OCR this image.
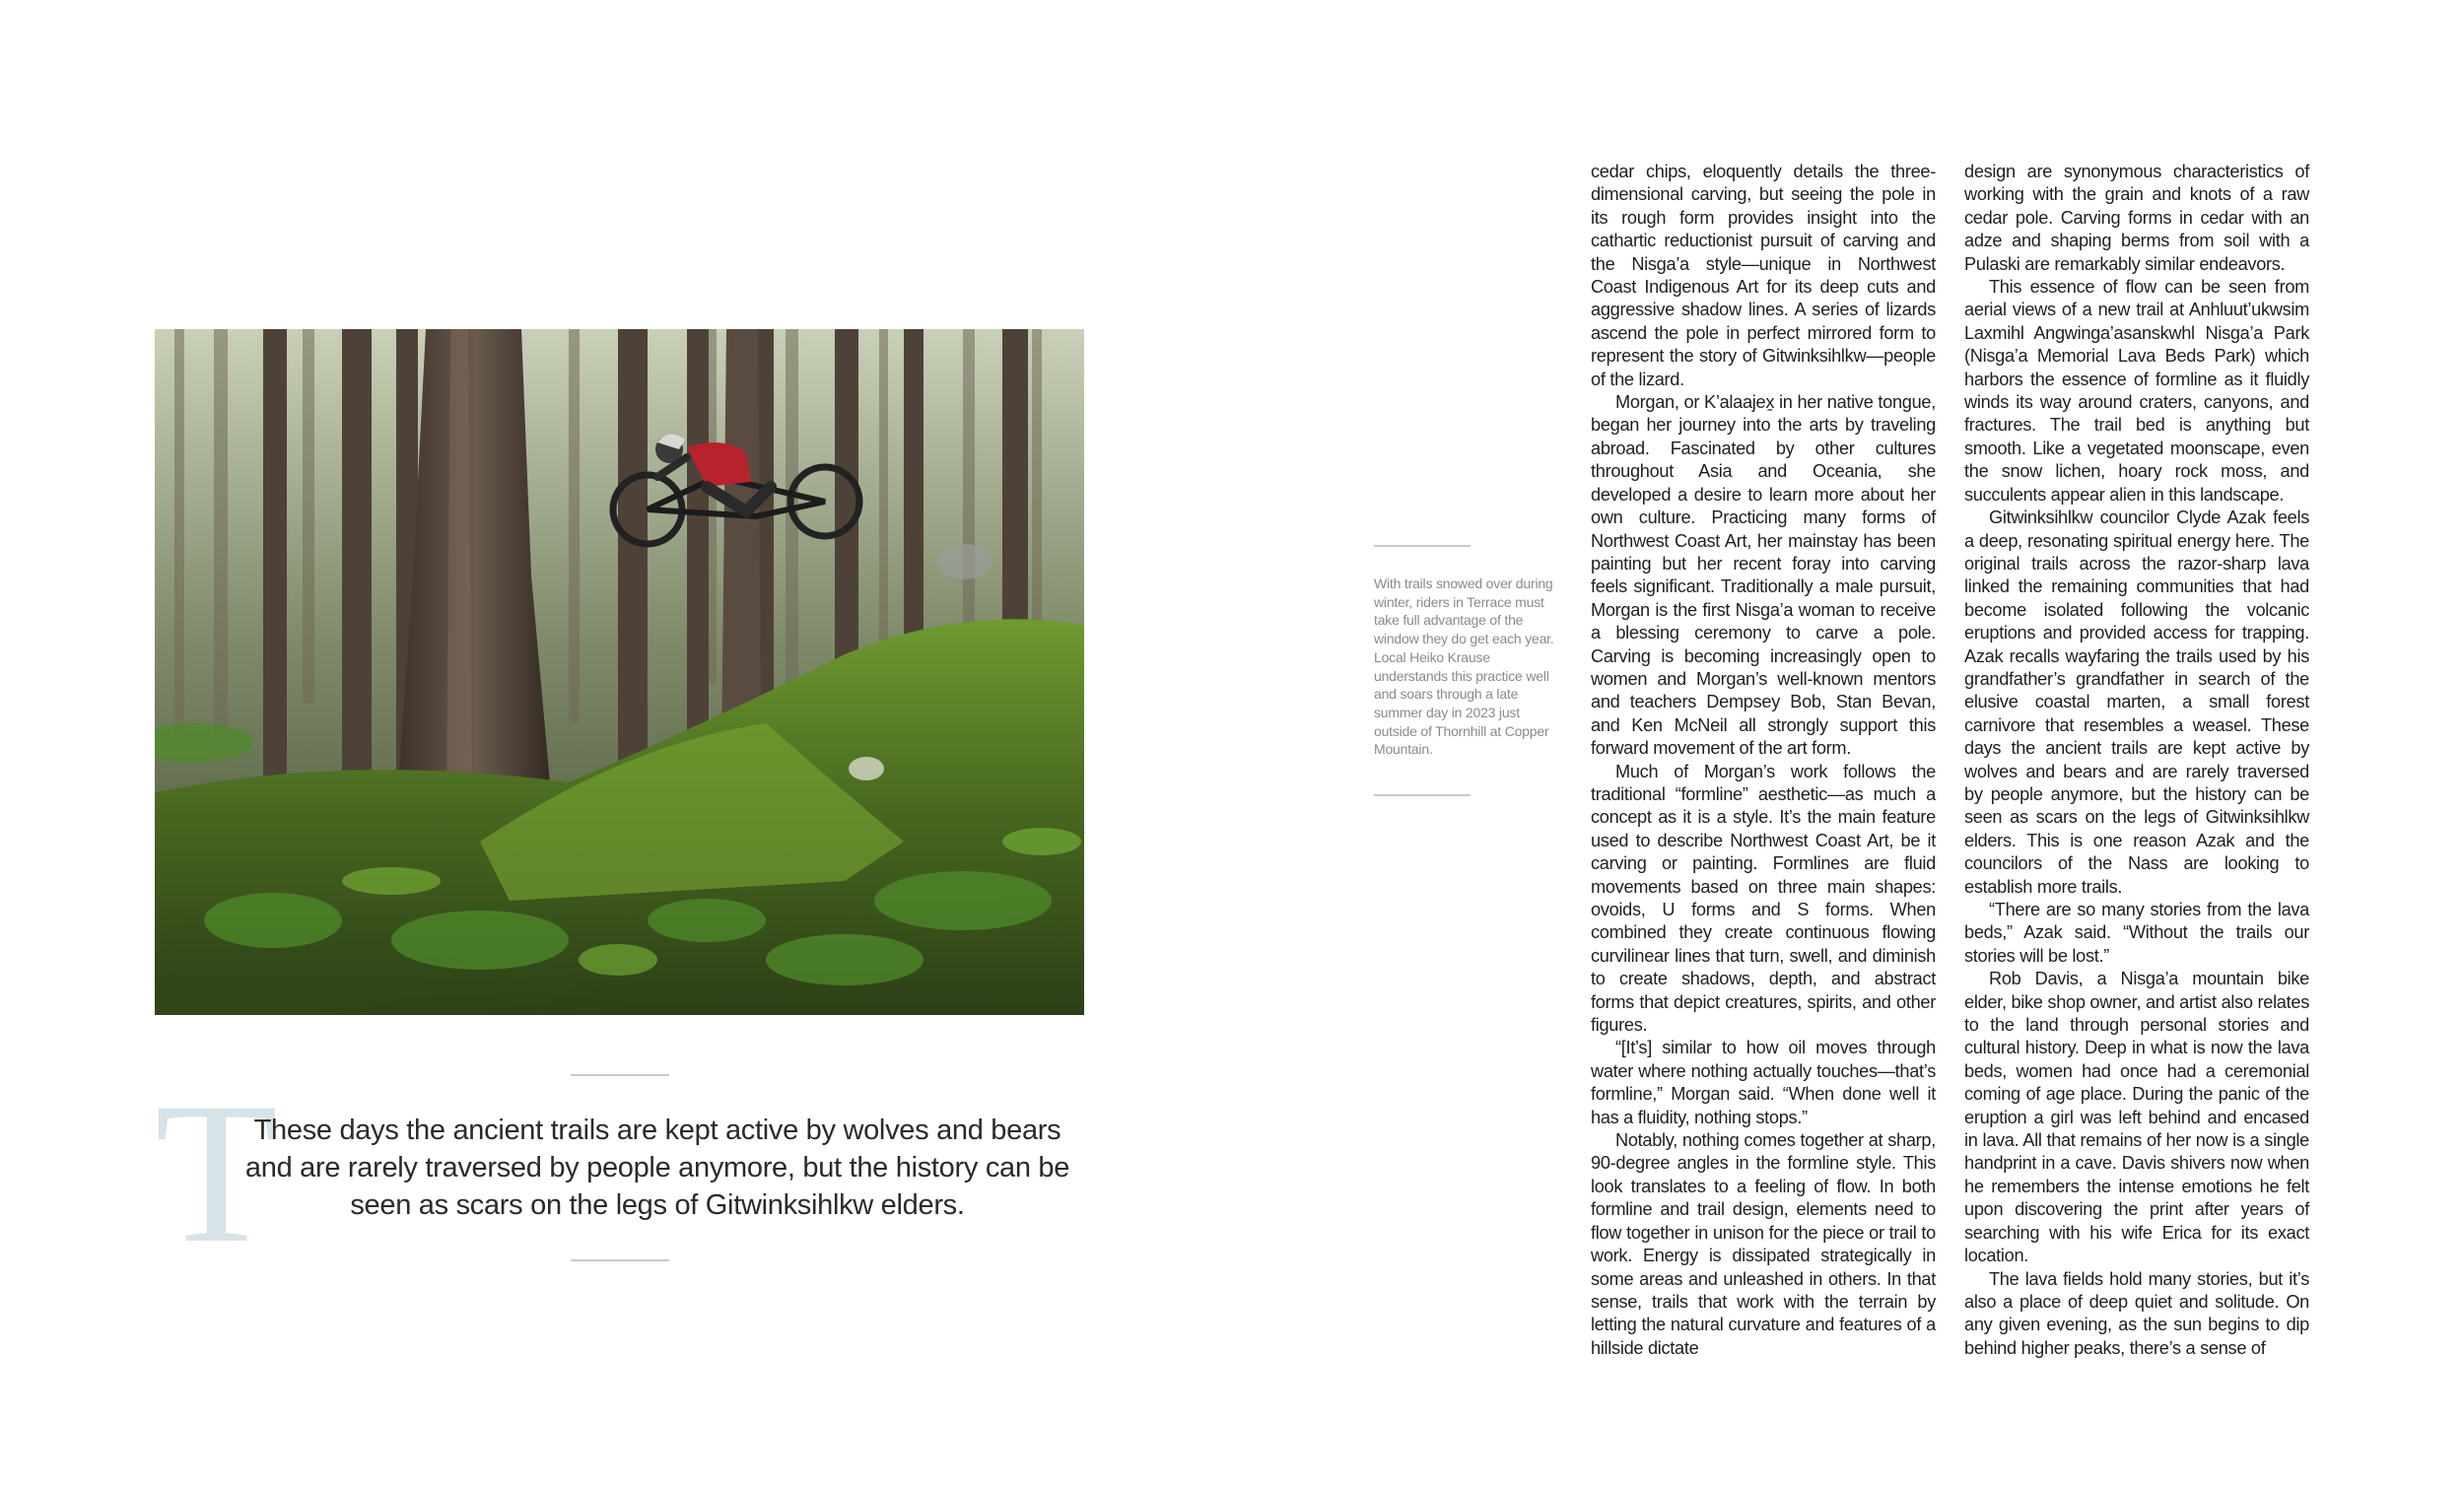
T

These days the ancient trails are kept active by wolves and bears and are rarely traversed by people anymore, but the history can be seen as scars on the legs of Gitwinksihlkw elders.

With trails snowed over during winter, riders in Terrace must take full advantage of the window they do get each year. Local Heiko Krause understands this practice well and soars through a late summer day in 2023 just outside of Thornhill at Copper Mountain.

cedar chips, eloquently details the three-dimensional carving, but seeing the pole in its rough form provides insight into the cathartic reductionist pursuit of carving and the Nisga’a style—unique in Northwest Coast Indigenous Art for its deep cuts and aggressive shadow lines. A series of lizards ascend the pole in perfect mirrored form to represent the story of Gitwinksihlkw—people of the lizard.

Morgan, or K’alaajex̱ in her native tongue, began her journey into the arts by traveling abroad. Fascinated by other cultures throughout Asia and Oceania, she developed a desire to learn more about her own culture. Practicing many forms of Northwest Coast Art, her mainstay has been painting but her recent foray into carving feels significant. Traditionally a male pursuit, Morgan is the first Nisga’a woman to receive a blessing ceremony to carve a pole. Carving is becoming increasingly open to women and Morgan’s well-known mentors and teachers Dempsey Bob, Stan Bevan, and Ken McNeil all strongly support this forward movement of the art form.

Much of Morgan’s work follows the traditional “formline” aesthetic—as much a concept as it is a style. It’s the main feature used to describe Northwest Coast Art, be it carving or painting. Formlines are fluid movements based on three main shapes: ovoids, U forms and S forms. When combined they create continuous flowing curvilinear lines that turn, swell, and diminish to create shadows, depth, and abstract forms that depict creatures, spirits, and other figures.

“[It’s] similar to how oil moves through water where nothing actually touches—that’s formline,” Morgan said. “When done well it has a fluidity, nothing stops.”

Notably, nothing comes together at sharp, 90-degree angles in the formline style. This look translates to a feeling of flow. In both formline and trail design, elements need to flow together in unison for the piece or trail to work. Energy is dissipated strategically in some areas and unleashed in others. In that sense, trails that work with the terrain by letting the natural curvature and features of a hillside dictate

design are synonymous characteristics of working with the grain and knots of a raw cedar pole. Carving forms in cedar with an adze and shaping berms from soil with a Pulaski are remarkably similar endeavors.

This essence of flow can be seen from aerial views of a new trail at Anhluut’ukwsim Laxmihl Angwinga’asanskwhl Nisga’a Park (Nisga’a Memorial Lava Beds Park) which harbors the essence of formline as it fluidly winds its way around craters, canyons, and fractures. The trail bed is anything but smooth. Like a vegetated moonscape, even the snow lichen, hoary rock moss, and succulents appear alien in this landscape.

Gitwinksihlkw councilor Clyde Azak feels a deep, resonating spiritual energy here. The original trails across the razor-sharp lava linked the remaining communities that had become isolated following the volcanic eruptions and provided access for trapping. Azak recalls wayfaring the trails used by his grandfather’s grandfather in search of the elusive coastal marten, a small forest carnivore that resembles a weasel. These days the ancient trails are kept active by wolves and bears and are rarely traversed by people anymore, but the history can be seen as scars on the legs of Gitwinksihlkw elders. This is one reason Azak and the councilors of the Nass are looking to establish more trails.

“There are so many stories from the lava beds,” Azak said. “Without the trails our stories will be lost.”

Rob Davis, a Nisga’a mountain bike elder, bike shop owner, and artist also relates to the land through personal stories and cultural history. Deep in what is now the lava beds, women had once had a ceremonial coming of age place. During the panic of the eruption a girl was left behind and encased in lava. All that remains of her now is a single handprint in a cave. Davis shivers now when he remembers the intense emotions he felt upon discovering the print after years of searching with his wife Erica for its exact location.

The lava fields hold many stories, but it’s also a place of deep quiet and solitude. On any given evening, as the sun begins to dip behind higher peaks, there’s a sense of
